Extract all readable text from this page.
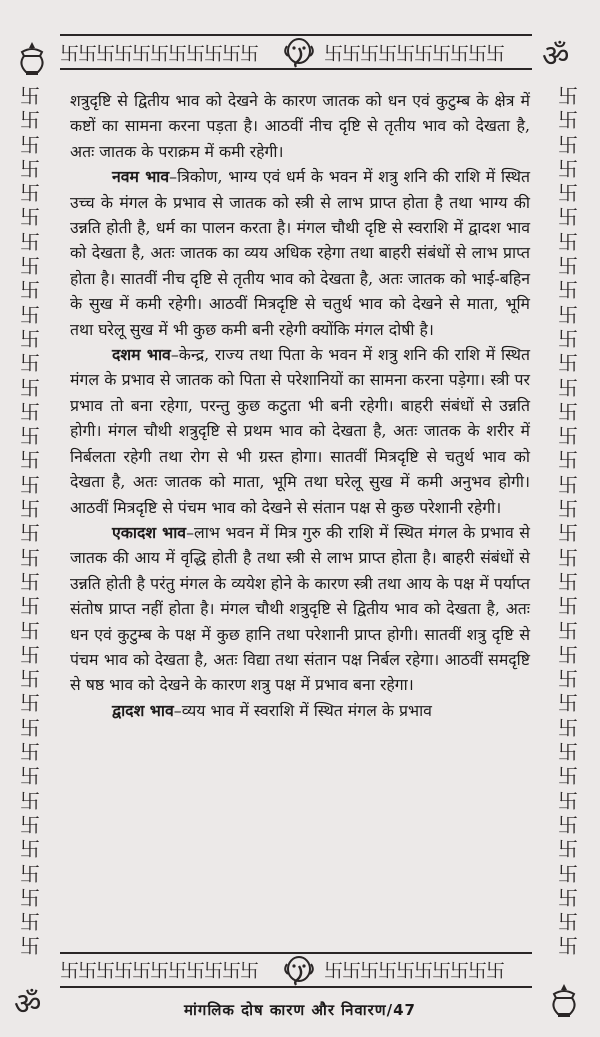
卐卐卐卐卐卐卐卐卐卐卐	卐卐卐卐卐卐卐卐卐卐 ॐ
ॐ
卐
卐
卐
卐
卐
卐
卐
卐
卐
卐
卐
卐
卐
卐
卐
卐
卐
卐
卐
卐
卐
卐
卐
卐
卐
卐
卐
卐
卐
卐
卐
卐
卐
卐
卐
卐
卐
卐
卐
卐
卐
卐
卐
卐
卐
卐
卐
卐
卐
卐
卐
卐
卐
卐
卐
卐
卐
卐
卐
卐
卐
卐
卐
卐
卐
卐
卐
卐
卐
卐
卐
卐

शत्रुदृष्टि से द्वितीय भाव को देखने के कारण जातक को धन एवं कुटुम्ब के क्षेत्र में कष्टों का सामना करना पड़ता है। आठवीं नीच दृष्टि से तृतीय भाव को देखता है, अतः जातक के पराक्रम में कमी रहेगी।

नवम भाव–त्रिकोण, भाग्य एवं धर्म के भवन में शत्रु शनि की राशि में स्थित उच्च के मंगल के प्रभाव से जातक को स्त्री से लाभ प्राप्त होता है तथा भाग्य की उन्नति होती है, धर्म का पालन करता है। मंगल चौथी दृष्टि से स्वराशि में द्वादश भाव को देखता है, अतः जातक का व्यय अधिक रहेगा तथा बाहरी संबंधों से लाभ प्राप्त होता है। सातवीं नीच दृष्टि से तृतीय भाव को देखता है, अतः जातक को भाई-बहिन के सुख में कमी रहेगी। आठवीं मित्रदृष्टि से चतुर्थ भाव को देखने से माता, भूमि तथा घरेलू सुख में भी कुछ कमी बनी रहेगी क्योंकि मंगल दोषी है।

दशम भाव–केन्द्र, राज्य तथा पिता के भवन में शत्रु शनि की राशि में स्थित मंगल के प्रभाव से जातक को पिता से परेशानियों का सामना करना पड़ेगा। स्त्री पर प्रभाव तो बना रहेगा, परन्तु कुछ कटुता भी बनी रहेगी। बाहरी संबंधों से उन्नति होगी। मंगल चौथी शत्रुदृष्टि से प्रथम भाव को देखता है, अतः जातक के शरीर में निर्बलता रहेगी तथा रोग से भी ग्रस्त होगा। सातवीं मित्रदृष्टि से चतुर्थ भाव को देखता है, अतः जातक को माता, भूमि तथा घरेलू सुख में कमी अनुभव होगी। आठवीं मित्रदृष्टि से पंचम भाव को देखने से संतान पक्ष से कुछ परेशानी रहेगी।

एकादश भाव–लाभ भवन में मित्र गुरु की राशि में स्थित मंगल के प्रभाव से जातक की आय में वृद्धि होती है तथा स्त्री से लाभ प्राप्त होता है। बाहरी संबंधों से उन्नति होती है परंतु मंगल के व्ययेश होने के कारण स्त्री तथा आय के पक्ष में पर्याप्त संतोष प्राप्त नहीं होता है। मंगल चौथी शत्रुदृष्टि से द्वितीय भाव को देखता है, अतः धन एवं कुटुम्ब के पक्ष में कुछ हानि तथा परेशानी प्राप्त होगी। सातवीं शत्रु दृष्टि से पंचम भाव को देखता है, अतः विद्या तथा संतान पक्ष निर्बल रहेगा। आठवीं समदृष्टि से षष्ठ भाव को देखने के कारण शत्रु पक्ष में प्रभाव बना रहेगा।

द्वादश भाव–व्यय भाव में स्वराशि में स्थित मंगल के प्रभाव

卐卐卐卐卐卐卐卐卐卐卐	卐卐卐卐卐卐卐卐卐卐
मांगलिक दोष कारण और निवारण/47
